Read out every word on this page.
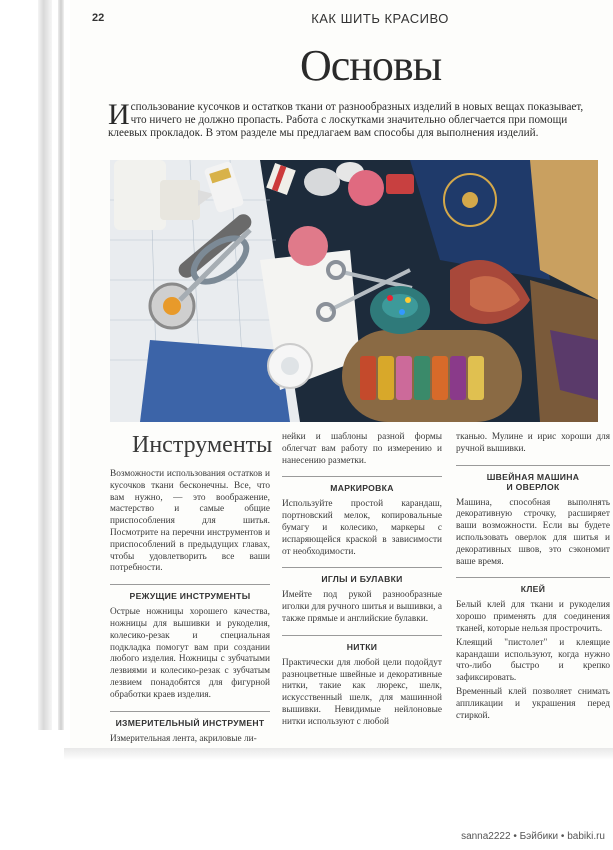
22	КАК ШИТЬ КРАСИВО
Основы
Использование кусочков и остатков ткани от разнообразных изделий в новых вещах показывает, что ничего не должно пропасть. Работа с лоскутками значительно облегчается при помощи клеевых прокладок. В этом разделе мы предлагаем вам способы для выполнения изделий.
Инструменты

Возможности использования остатков и кусочков ткани бесконечны. Все, что вам нужно, — это воображение, мастерство и самые общие приспособления для шитья. Посмотрите на перечни инструментов и приспособлений в предыдущих главах, чтобы удовлетворить все ваши потребности.

РЕЖУЩИЕ ИНСТРУМЕНТЫ

Острые ножницы хорошего качества, ножницы для вышивки и рукоделия, колесико-резак и специальная подкладка помогут вам при создании любого изделия. Ножницы с зубчатыми лезвиями и колесико-резак с зубчатым лезвием понадобятся для фигурной обработки краев изделия.

ИЗМЕРИТЕЛЬНЫЙ ИНСТРУМЕНТ

Измерительная лента, акриловые ли-

нейки и шаблоны разной формы облегчат вам работу по измерению и нанесению разметки.

МАРКИРОВКА

Используйте простой карандаш, портновский мелок, копировальные бумагу и колесико, маркеры с испаряющейся краской в зависимости от необходимости.

ИГЛЫ И БУЛАВКИ

Имейте под рукой разнообразные иголки для ручного шитья и вышивки, а также прямые и английские булавки.

НИТКИ

Практически для любой цели подойдут разноцветные швейные и декоративные нитки, такие как люрекс, шелк, искусственный шелк, для машинной вышивки. Невидимые нейлоновые нитки используют с любой

тканью. Мулине и ирис хороши для ручной вышивки.

ШВЕЙНАЯ МАШИНА
И ОВЕРЛОК

Машина, способная выполнять декоративную строчку, расширяет ваши возможности. Если вы будете использовать оверлок для шитья и декоративных швов, это сэкономит ваше время.

КЛЕЙ

Белый клей для ткани и рукоделия хорошо применять для соединения тканей, которые нельзя прострочить.

Клеящий "пистолет" и клеящие карандаши используют, когда нужно что-либо быстро и крепко зафиксировать.

Временный клей позволяет снимать аппликации и украшения перед стиркой.

sanna2222 • Бэйбики • babiki.ru
